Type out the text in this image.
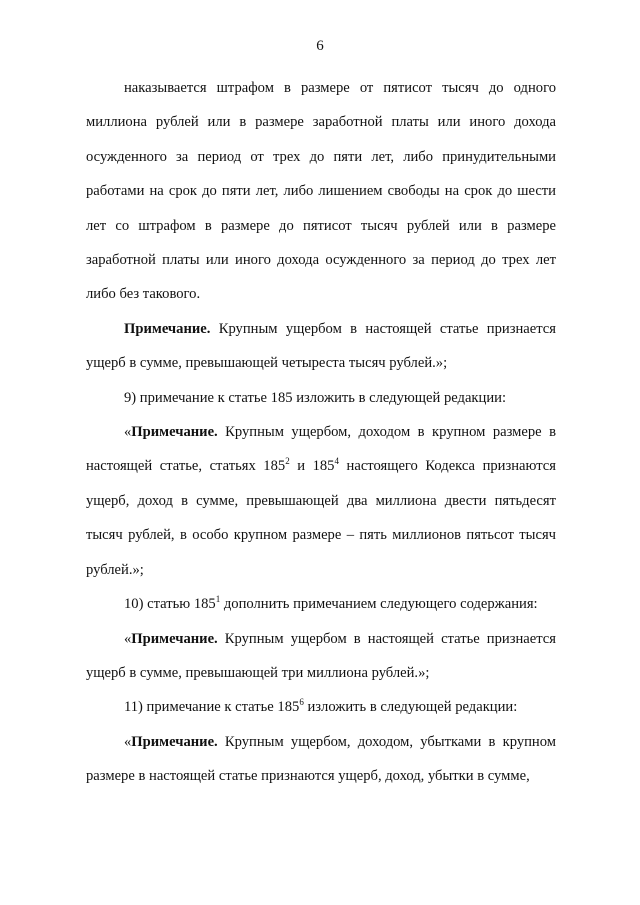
6

наказывается штрафом в размере от пятисот тысяч до одного миллиона рублей или в размере заработной платы или иного дохода осужденного за период от трех до пяти лет, либо принудительными работами на срок до пяти лет, либо лишением свободы на срок до шести лет со штрафом в размере до пятисот тысяч рублей или в размере заработной платы или иного дохода осужденного за период до трех лет либо без такового.

Примечание. Крупным ущербом в настоящей статье признается ущерб в сумме, превышающей четыреста тысяч рублей.»;

9) примечание к статье 185 изложить в следующей редакции:

«Примечание. Крупным ущербом, доходом в крупном размере в настоящей статье, статьях $185^2$ и $185^4$ настоящего Кодекса признаются ущерб, доход в сумме, превышающей два миллиона двести пятьдесят тысяч рублей, в особо крупном размере – пять миллионов пятьсот тысяч рублей.»;

10) статью $185^1$ дополнить примечанием следующего содержания:

«Примечание. Крупным ущербом в настоящей статье признается ущерб в сумме, превышающей три миллиона рублей.»;

11) примечание к статье $185^6$ изложить в следующей редакции:

«Примечание. Крупным ущербом, доходом, убытками в крупном размере в настоящей статье признаются ущерб, доход, убытки в сумме,
